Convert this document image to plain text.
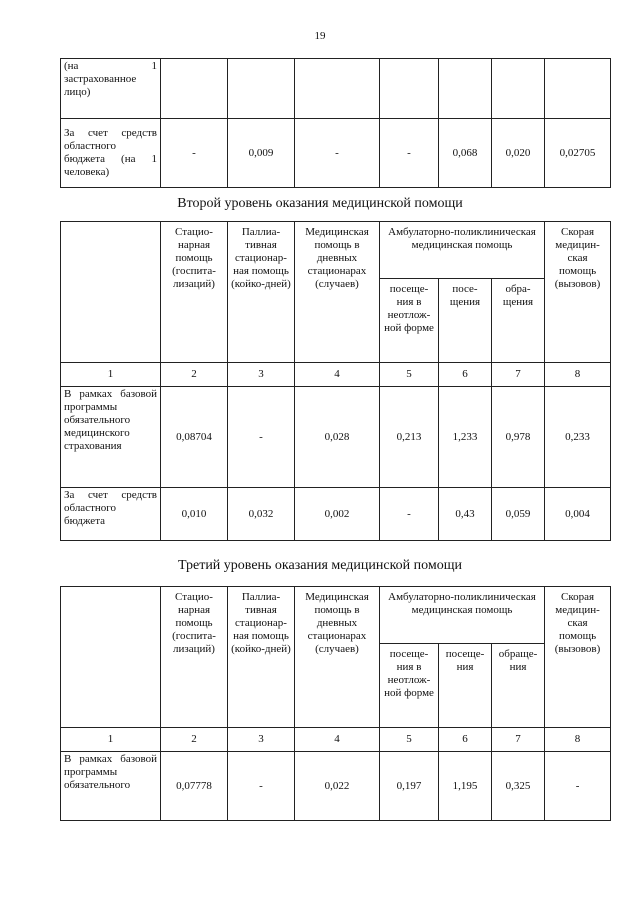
19
(на 1 застрахованное лицо)							
За счет средств областного бюджета (на 1 человека)	-	0,009	-	-	0,068	0,020	0,02705
Второй уровень оказания медицинской помощи
	Стацио-нарная помощь (госпита-лизаций)	Паллиа-тивная стационар-ная помощь (койко-дней)	Медицинская помощь в дневных стационарах (случаев)	Амбулаторно-поликлиническая медицинская помощь			Скорая медицин-ская помощь (вызовов)
				посеще-ния в неотлож-ной форме	посе-щения	обра-щения	
1	2	3	4	5	6	7	8
В рамках базовой программы обязательного медицинского страхования	0,08704	-	0,028	0,213	1,233	0,978	0,233
За счет средств областного бюджета	0,010	0,032	0,002	-	0,43	0,059	0,004
Третий уровень оказания медицинской помощи
	Стацио-нарная помощь (госпита-лизаций)	Паллиа-тивная стационар-ная помощь (койко-дней)	Медицинская помощь в дневных стационарах (случаев)	Амбулаторно-поликлиническая медицинская помощь			Скорая медицин-ская помощь (вызовов)
				посеще-ния в неотлож-ной форме	посеще-ния	обраще-ния	
1	2	3	4	5	6	7	8
В рамках базовой программы обязательного	0,07778	-	0,022	0,197	1,195	0,325	-
